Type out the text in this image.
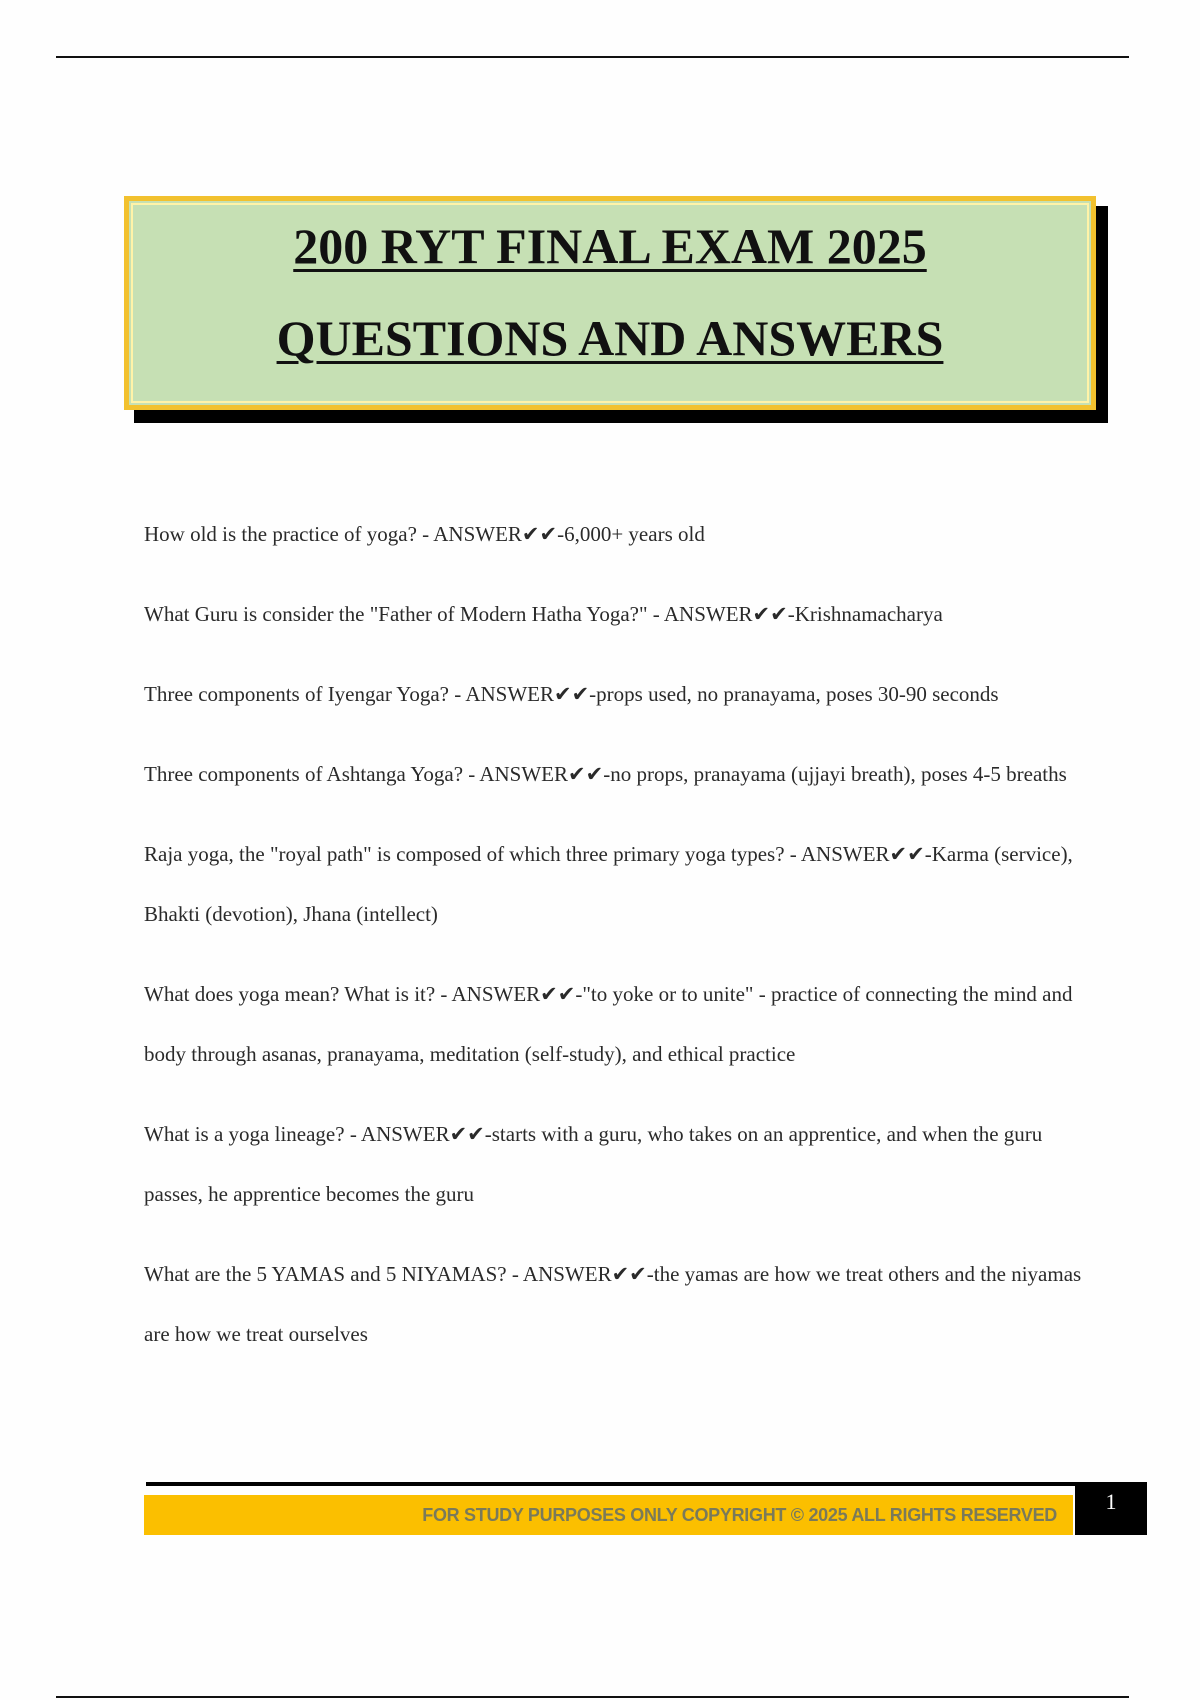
200 RYT FINAL EXAM 2025
QUESTIONS AND ANSWERS
How old is the practice of yoga? - ANSWER✔✔-6,000+ years old
What Guru is consider the "Father of Modern Hatha Yoga?" - ANSWER✔✔-Krishnamacharya
Three components of Iyengar Yoga? - ANSWER✔✔-props used, no pranayama, poses 30-90 seconds
Three components of Ashtanga Yoga? - ANSWER✔✔-no props, pranayama (ujjayi breath), poses 4-5 breaths
Raja yoga, the "royal path" is composed of which three primary yoga types? - ANSWER✔✔-Karma (service), Bhakti (devotion), Jhana (intellect)
What does yoga mean? What is it? - ANSWER✔✔-"to yoke or to unite" - practice of connecting the mind and body through asanas, pranayama, meditation (self-study), and ethical practice
What is a yoga lineage? - ANSWER✔✔-starts with a guru, who takes on an apprentice, and when the guru passes, he apprentice becomes the guru
What are the 5 YAMAS and 5 NIYAMAS? - ANSWER✔✔-the yamas are how we treat others and the niyamas are how we treat ourselves
FOR STUDY PURPOSES ONLY COPYRIGHT © 2025 ALL RIGHTS RESERVED
1
